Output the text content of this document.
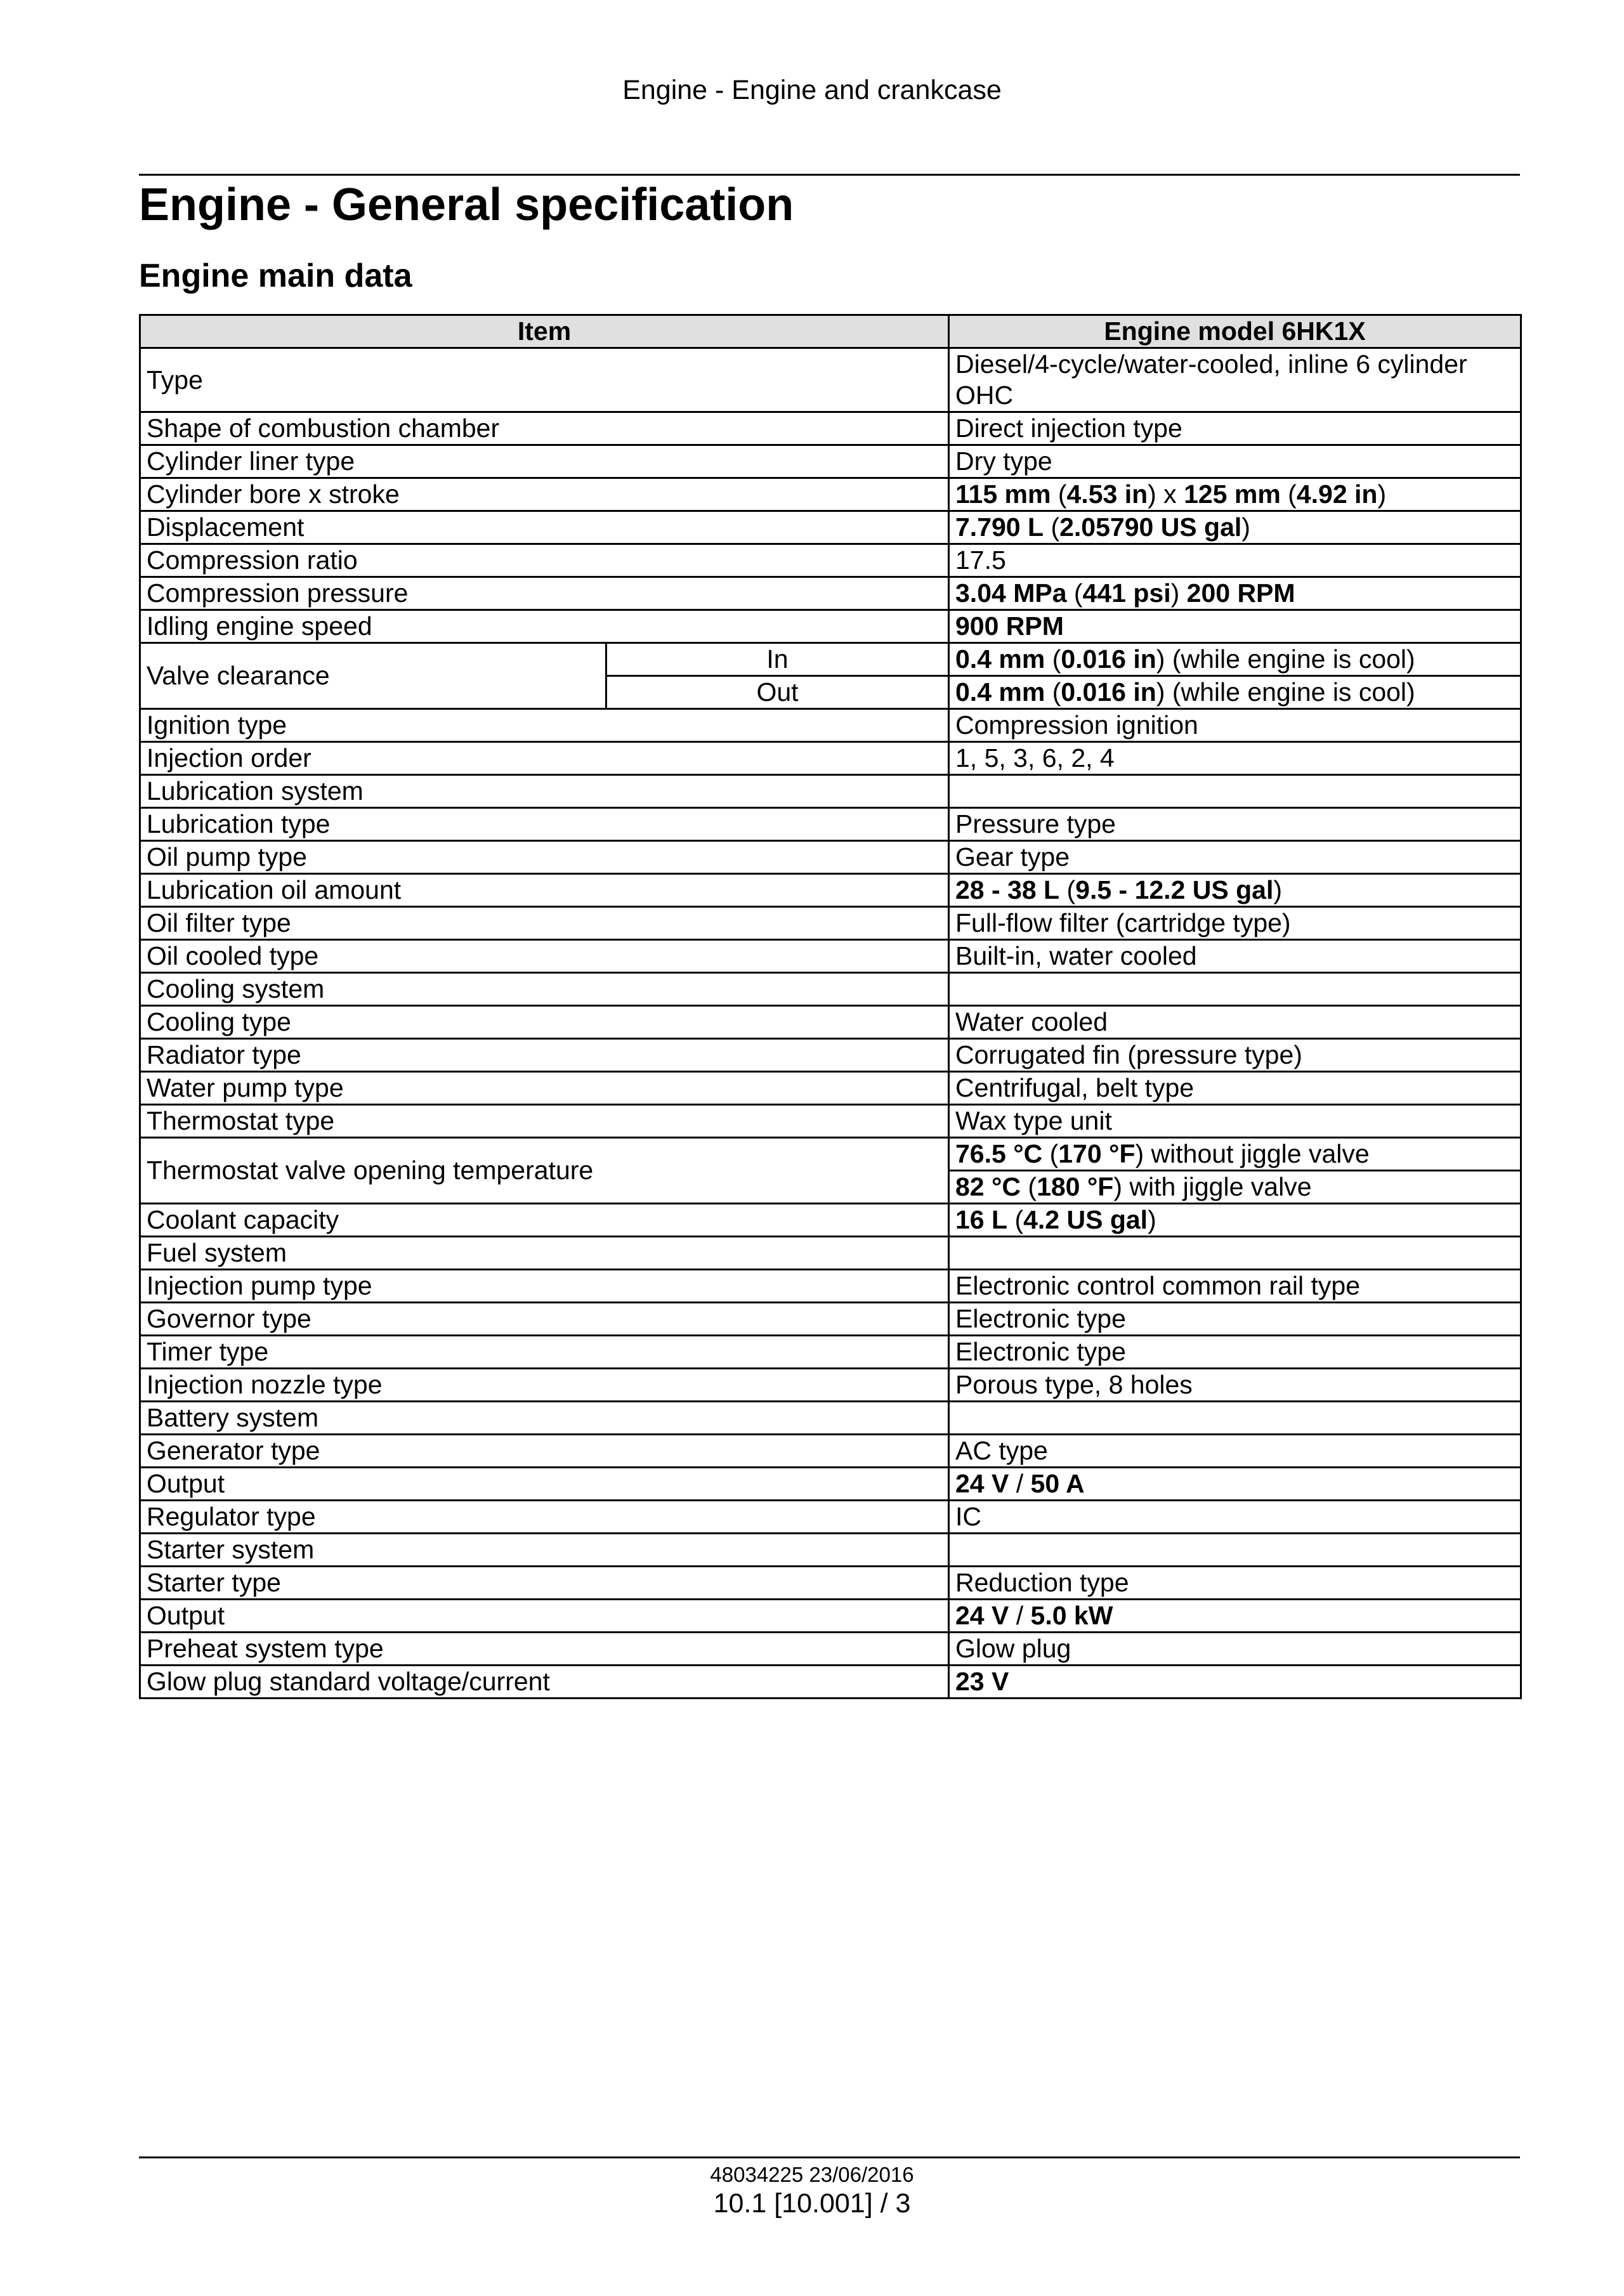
Engine - Engine and crankcase
Engine - General specification
Engine main data
Item		Engine model 6HK1X
Type		Diesel/4-cycle/water-cooled, inline 6 cylinder OHC
Shape of combustion chamber		Direct injection type
Cylinder liner type		Dry type
Cylinder bore x stroke		115 mm (4.53 in) x 125 mm (4.92 in)
Displacement		7.790 L (2.05790 US gal)
Compression ratio		17.5
Compression pressure		3.04 MPa (441 psi) 200 RPM
Idling engine speed		900 RPM
Valve clearance	In	0.4 mm (0.016 in) (while engine is cool)
	Out	0.4 mm (0.016 in) (while engine is cool)
Ignition type		Compression ignition
Injection order		1, 5, 3, 6, 2, 4
Lubrication system		
Lubrication type		Pressure type
Oil pump type		Gear type
Lubrication oil amount		28 - 38 L (9.5 - 12.2 US gal)
Oil filter type		Full-flow filter (cartridge type)
Oil cooled type		Built-in, water cooled
Cooling system		
Cooling type		Water cooled
Radiator type		Corrugated fin (pressure type)
Water pump type		Centrifugal, belt type
Thermostat type		Wax type unit
Thermostat valve opening temperature		76.5 °C (170 °F) without jiggle valve
		82 °C (180 °F) with jiggle valve
Coolant capacity		16 L (4.2 US gal)
Fuel system		
Injection pump type		Electronic control common rail type
Governor type		Electronic type
Timer type		Electronic type
Injection nozzle type		Porous type, 8 holes
Battery system		
Generator type		AC type
Output		24 V / 50 A
Regulator type		IC
Starter system		
Starter type		Reduction type
Output		24 V / 5.0 kW
Preheat system type		Glow plug
Glow plug standard voltage/current		23 V
48034225 23/06/2016
10.1 [10.001] / 3
